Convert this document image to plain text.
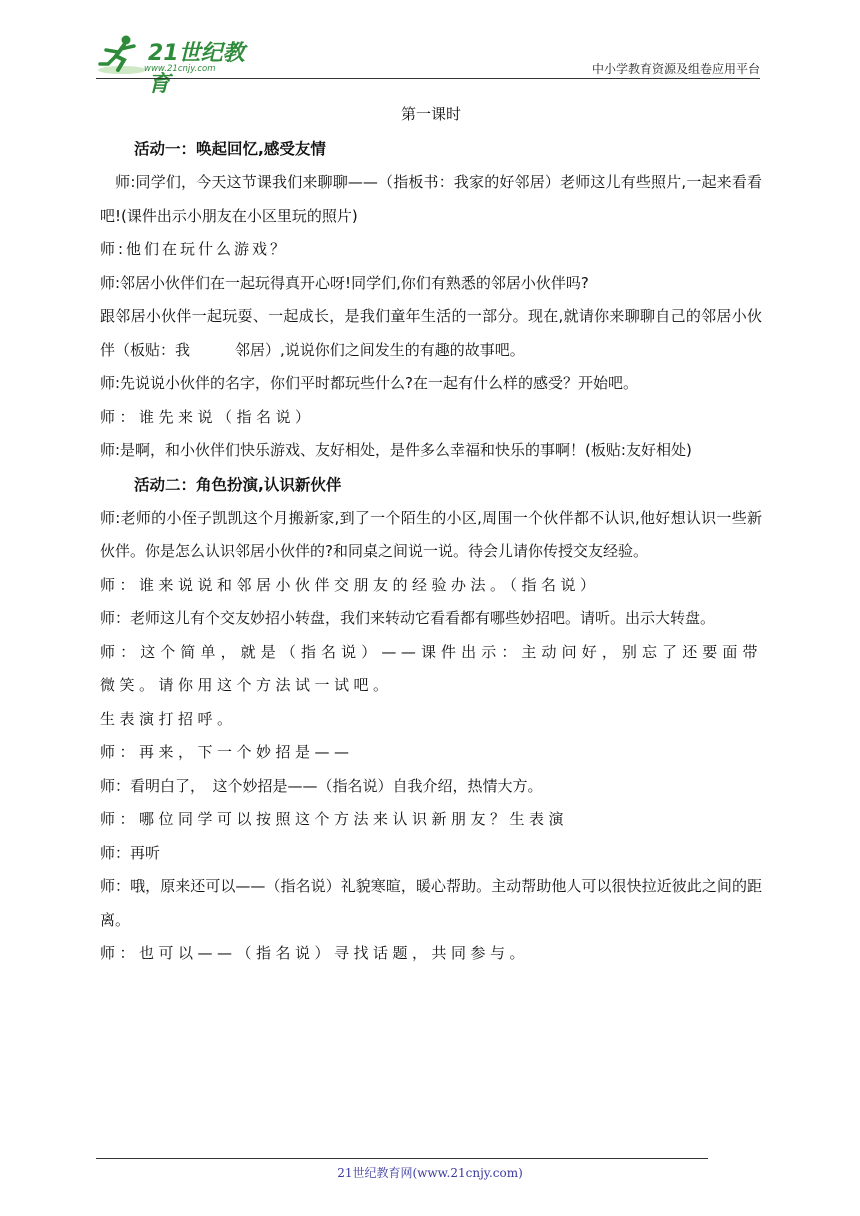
21世纪教育
www.21cnjy.com	中小学教育资源及组卷应用平台

第一课时

活动一：唤起回忆,感受友情

　师:同学们，今天这节课我们来聊聊——（指板书：我家的好邻居）老师这儿有些照片,一起来看看吧!(课件出示小朋友在小区里玩的照片)

师:他们在玩什么游戏？

师:邻居小伙伴们在一起玩得真开心呀!同学们,你们有熟悉的邻居小伙伴吗?

跟邻居小伙伴一起玩耍、一起成长，是我们童年生活的一部分。现在,就请你来聊聊自己的邻居小伙伴（板贴：我　　　邻居）,说说你们之间发生的有趣的故事吧。

师:先说说小伙伴的名字，你们平时都玩些什么?在一起有什么样的感受？开始吧。

师：谁先来说（指名说）

师:是啊，和小伙伴们快乐游戏、友好相处，是件多么幸福和快乐的事啊！(板贴:友好相处)

活动二：角色扮演,认识新伙伴

师:老师的小侄子凯凯这个月搬新家,到了一个陌生的小区,周围一个伙伴都不认识,他好想认识一些新伙伴。你是怎么认识邻居小伙伴的?和同桌之间说一说。待会儿请你传授交友经验。

师：谁来说说和邻居小伙伴交朋友的经验办法。（指名说）

师：老师这儿有个交友妙招小转盘，我们来转动它看看都有哪些妙招吧。请听。出示大转盘。

师：这个简单，就是（指名说）——课件出示：主动问好，别忘了还要面带微笑。请你用这个方法试一试吧。

生表演打招呼。

师：再来，下一个妙招是——

师：看明白了，　这个妙招是——（指名说）自我介绍，热情大方。

师：哪位同学可以按照这个方法来认识新朋友？生表演

师：再听

师：哦，原来还可以——（指名说）礼貌寒暄，暖心帮助。主动帮助他人可以很快拉近彼此之间的距离。

师：也可以——（指名说）寻找话题，共同参与。

21世纪教育网(www.21cnjy.com)
